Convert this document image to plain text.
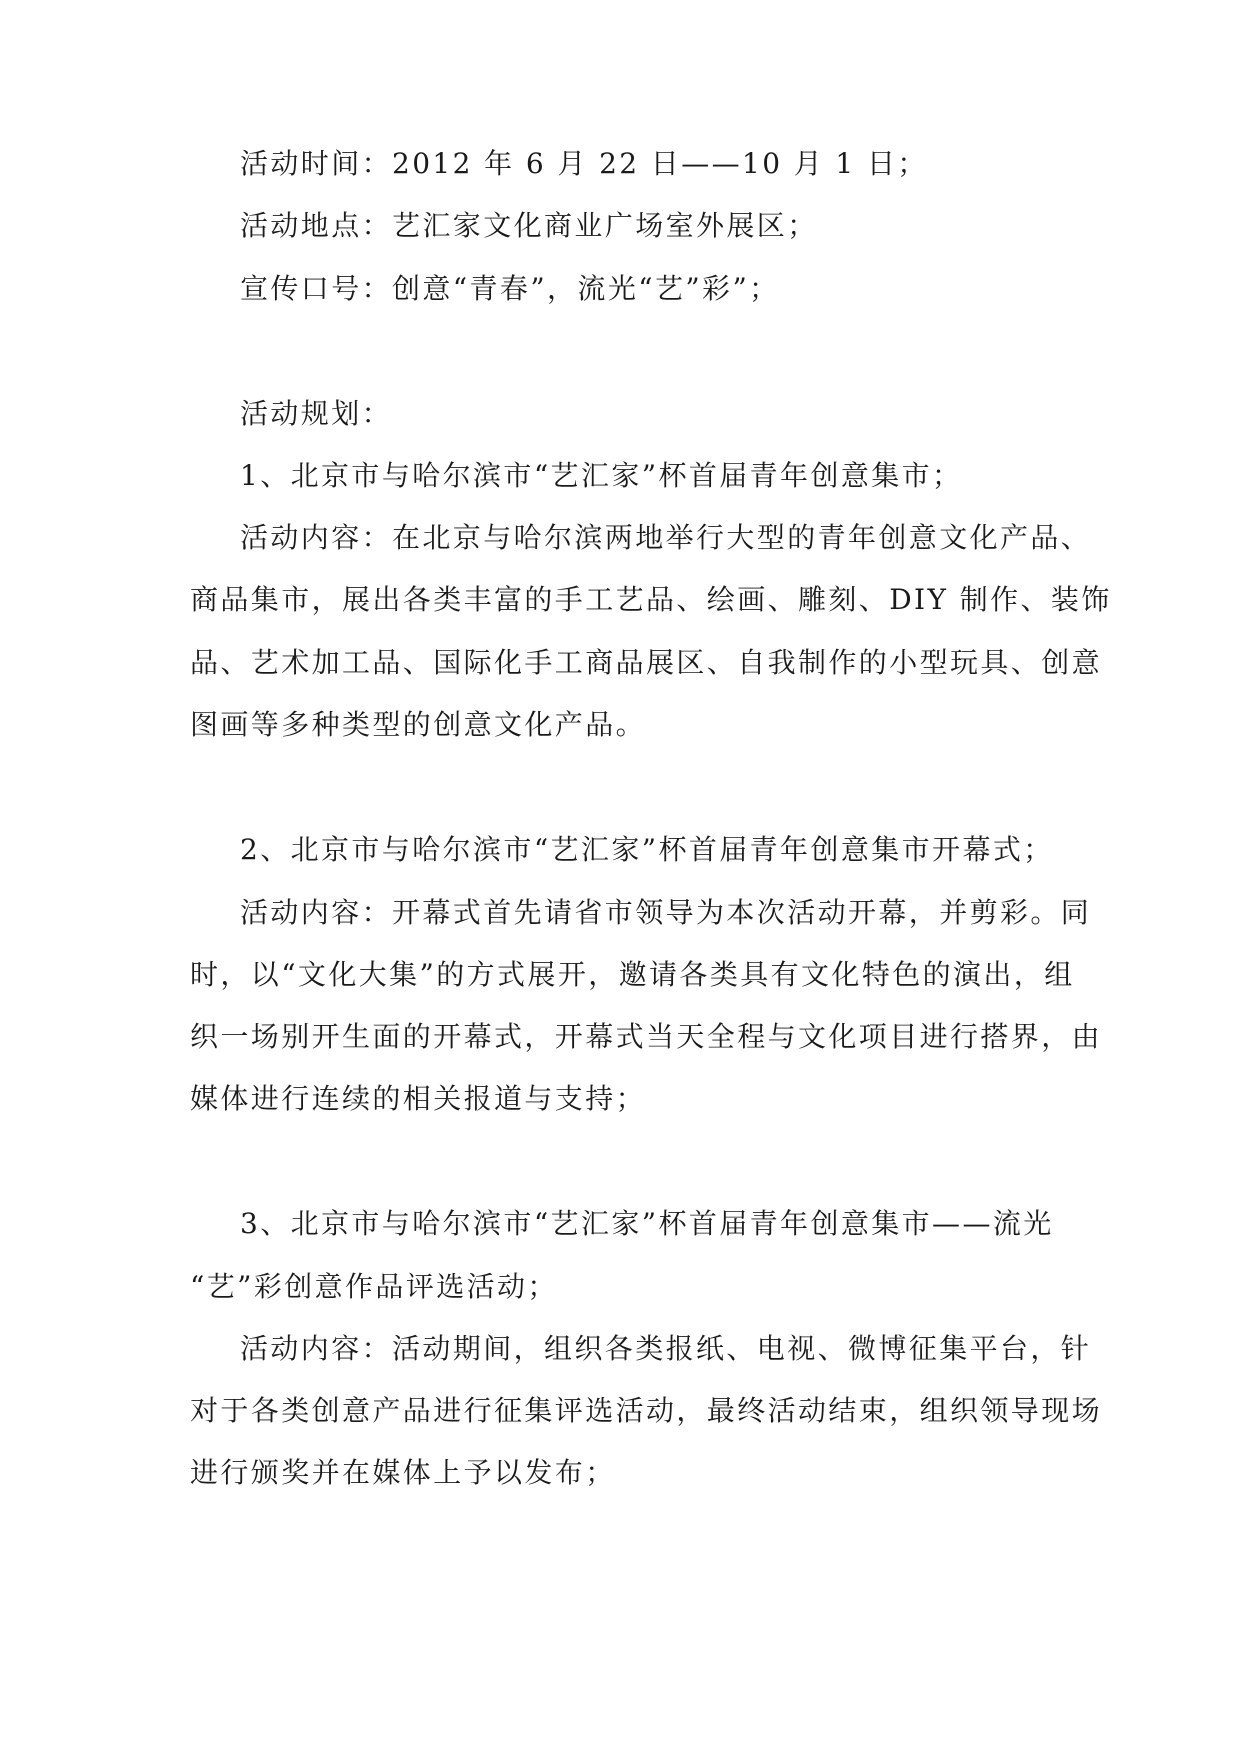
活动时间：2012 年 6 月 22 日——10 月 1 日；

活动地点：艺汇家文化商业广场室外展区；

宣传口号：创意“青春”，流光“艺”彩”；

活动规划：

1、北京市与哈尔滨市“艺汇家”杯首届青年创意集市；

活动内容：在北京与哈尔滨两地举行大型的青年创意文化产品、

商品集市，展出各类丰富的手工艺品、绘画、雕刻、DIY 制作、装饰

品、艺术加工品、国际化手工商品展区、自我制作的小型玩具、创意

图画等多种类型的创意文化产品。

2、北京市与哈尔滨市“艺汇家”杯首届青年创意集市开幕式；

活动内容：开幕式首先请省市领导为本次活动开幕，并剪彩。同

时，以“文化大集”的方式展开，邀请各类具有文化特色的演出，组

织一场别开生面的开幕式，开幕式当天全程与文化项目进行搭界，由

媒体进行连续的相关报道与支持；

3、北京市与哈尔滨市“艺汇家”杯首届青年创意集市——流光

“艺”彩创意作品评选活动；

活动内容：活动期间，组织各类报纸、电视、微博征集平台，针

对于各类创意产品进行征集评选活动，最终活动结束，组织领导现场

进行颁奖并在媒体上予以发布；
